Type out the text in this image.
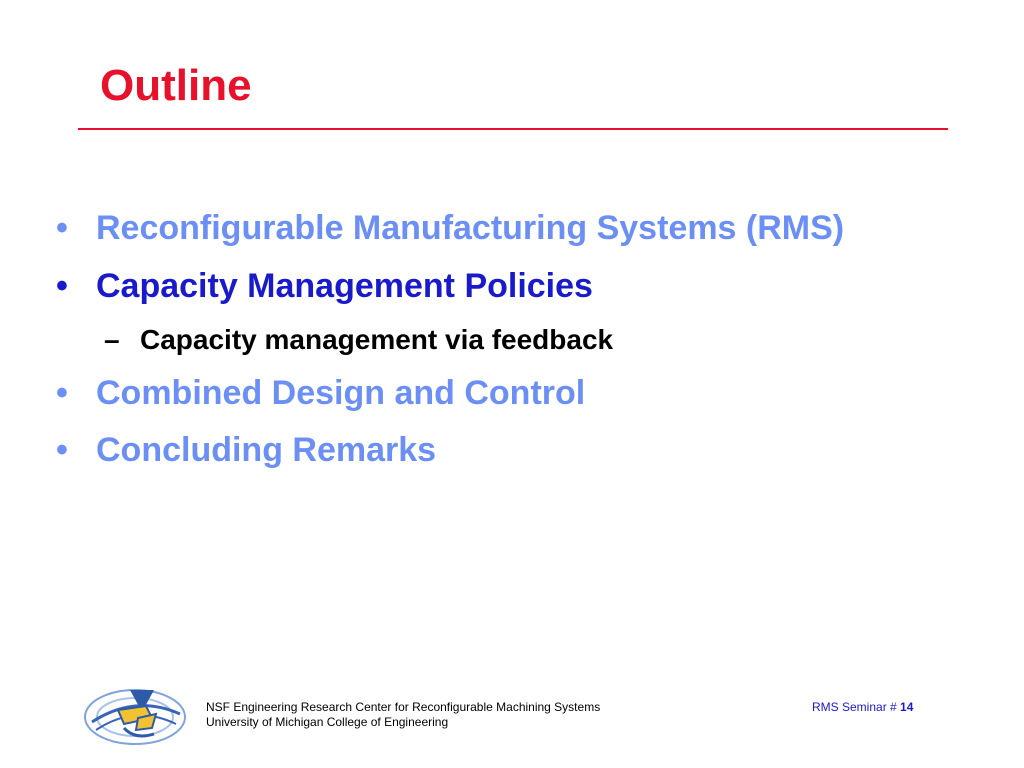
Outline
• Reconfigurable Manufacturing Systems (RMS)
• Capacity Management Policies
– Capacity management via feedback
• Combined Design and Control
• Concluding Remarks
NSF Engineering Research Center for Reconfigurable Machining Systems
University of Michigan College of Engineering
RMS Seminar # 14
